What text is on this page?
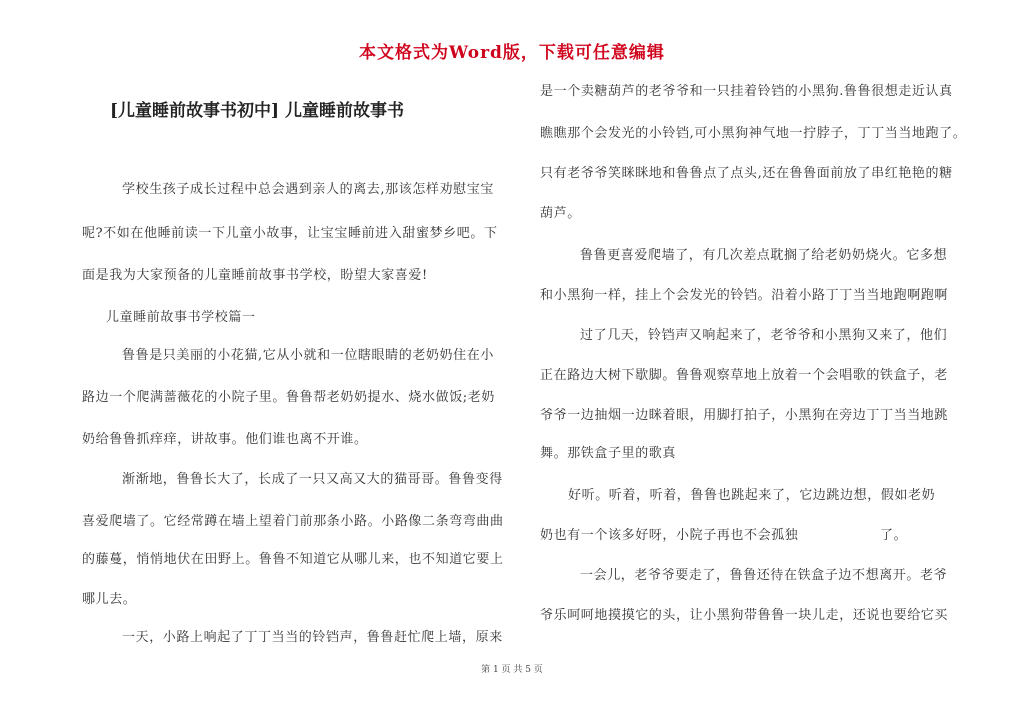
本文格式为Word版，下载可任意编辑
[儿童睡前故事书初中] 儿童睡前故事书
学校生孩子成长过程中总会遇到亲人的离去,那该怎样劝慰宝宝
呢?不如在他睡前读一下儿童小故事，让宝宝睡前进入甜蜜梦乡吧。下
面是我为大家预备的儿童睡前故事书学校，盼望大家喜爱!
儿童睡前故事书学校篇一
鲁鲁是只美丽的小花猫,它从小就和一位瞎眼睛的老奶奶住在小
路边一个爬满蔷薇花的小院子里。鲁鲁帮老奶奶提水、烧水做饭;老奶
奶给鲁鲁抓痒痒，讲故事。他们谁也离不开谁。
渐渐地，鲁鲁长大了，长成了一只又高又大的猫哥哥。鲁鲁变得
喜爱爬墙了。它经常蹲在墙上望着门前那条小路。小路像二条弯弯曲曲
的藤蔓，悄悄地伏在田野上。鲁鲁不知道它从哪儿来，也不知道它要上
哪儿去。
一天，小路上响起了丁丁当当的铃铛声，鲁鲁赶忙爬上墙，原来
是一个卖糖葫芦的老爷爷和一只挂着铃铛的小黑狗.鲁鲁很想走近认真
瞧瞧那个会发光的小铃铛,可小黑狗神气地一拧脖子，丁丁当当地跑了。
只有老爷爷笑眯眯地和鲁鲁点了点头,还在鲁鲁面前放了串红艳艳的糖
葫芦。
鲁鲁更喜爱爬墙了，有几次差点耽搁了给老奶奶烧火。它多想
和小黑狗一样，挂上个会发光的铃铛。沿着小路丁丁当当地跑啊跑啊
过了几天，铃铛声又响起来了，老爷爷和小黑狗又来了，他们
正在路边大树下歇脚。鲁鲁观察草地上放着一个会唱歌的铁盒子，老
爷爷一边抽烟一边眯着眼，用脚打拍子，小黑狗在旁边丁丁当当地跳
舞。那铁盒子里的歌真
好听。听着，听着，鲁鲁也跳起来了，它边跳边想，假如老奶
奶也有一个该多好呀，小院子再也不会孤独　　　　　　了。
一会儿，老爷爷要走了，鲁鲁还待在铁盒子边不想离开。老爷
爷乐呵呵地摸摸它的头，让小黑狗带鲁鲁一块儿走，还说也要给它买
第 1 页 共 5 页
